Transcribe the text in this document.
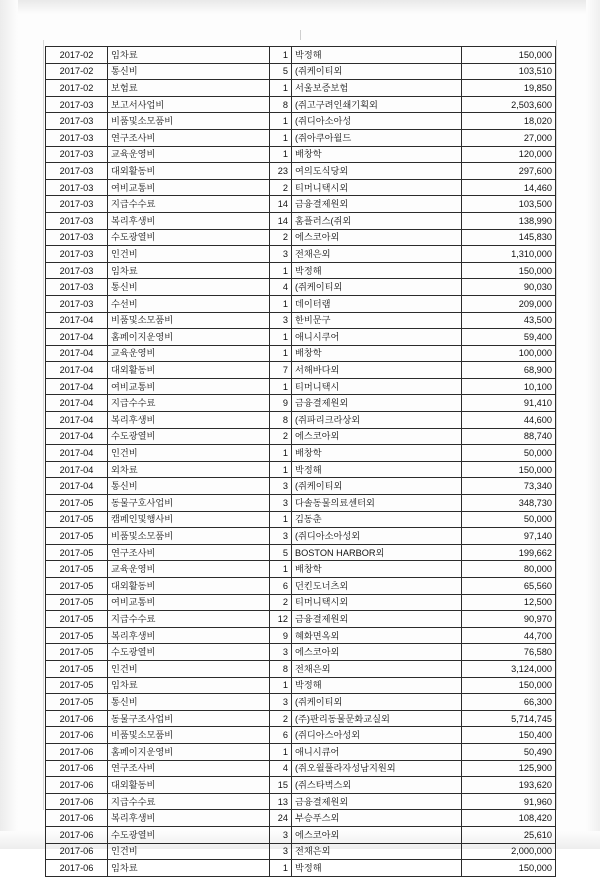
2017-02	임차료	1	박정해	150,000
2017-02	통신비	5	(쥐케이티외	103,510
2017-02	보험료	1	서울보증보험	19,850
2017-03	보고서사업비	8	(쥐고구려인쇄기획외	2,503,600
2017-03	비품및소모품비	1	(쥐디아소아성	18,020
2017-03	연구조사비	1	(쥐아쿠아월드	27,000
2017-03	교육운영비	1	배창학	120,000
2017-03	대외활동비	23	여의도식당외	297,600
2017-03	여비교통비	2	티머니택시외	14,460
2017-03	지급수수료	14	금융결제원외	103,500
2017-03	복리후생비	14	홈플러스(쥐외	138,990
2017-03	수도광열비	2	에스코아외	145,830
2017-03	인건비	3	전채은외	1,310,000
2017-03	임차료	1	박정해	150,000
2017-03	통신비	4	(쥐케이티외	90,030
2017-03	수선비	1	데이터램	209,000
2017-04	비품및소모품비	3	한비문구	43,500
2017-04	홈페이지운영비	1	애니시쿠어	59,400
2017-04	교육운영비	1	배창학	100,000
2017-04	대외활동비	7	서해바다외	68,900
2017-04	여비교통비	1	티머니택시	10,100
2017-04	지급수수료	9	금융결제원외	91,410
2017-04	복리후생비	8	(쥐파리크라상외	44,600
2017-04	수도광열비	2	에스코아외	88,740
2017-04	인건비	1	배창학	50,000
2017-04	외차료	1	박정해	150,000
2017-04	통신비	3	(쥐케이티외	73,340
2017-05	동물구호사업비	3	다솔동물의료센터외	348,730
2017-05	캠페인및행사비	1	김동춘	50,000
2017-05	비품및소모품비	3	(쥐디아소아성외	97,140
2017-05	연구조사비	5	BOSTON HARBOR외	199,662
2017-05	교육운영비	1	배창학	80,000
2017-05	대외활동비	6	던킨도너츠외	65,560
2017-05	여비교통비	2	티머니택시외	12,500
2017-05	지급수수료	12	금융결제원외	90,970
2017-05	복리후생비	9	혜화면옥외	44,700
2017-05	수도광열비	3	에스코아외	76,580
2017-05	인건비	8	전채은외	3,124,000
2017-05	임차료	1	박정해	150,000
2017-05	통신비	3	(쥐케이티외	66,300
2017-06	동물구조사업비	2	(주)판리동물문화교실외	5,714,745
2017-06	비품및소모품비	6	(쥐디아스아성외	150,400
2017-06	홈페이지운영비	1	애니시큐어	50,490
2017-06	연구조사비	4	(쥐오월풀라자성남지원외	125,900
2017-06	대외활동비	15	(쥐스타벅스외	193,620
2017-06	지급수수료	13	금융결제원외	91,960
2017-06	복리후생비	24	부승푸스외	108,420
2017-06	수도광열비	3	에스코아외	25,610
2017-06	인건비	3	전채은외	2,000,000
2017-06	임차료	1	박정해	150,000
